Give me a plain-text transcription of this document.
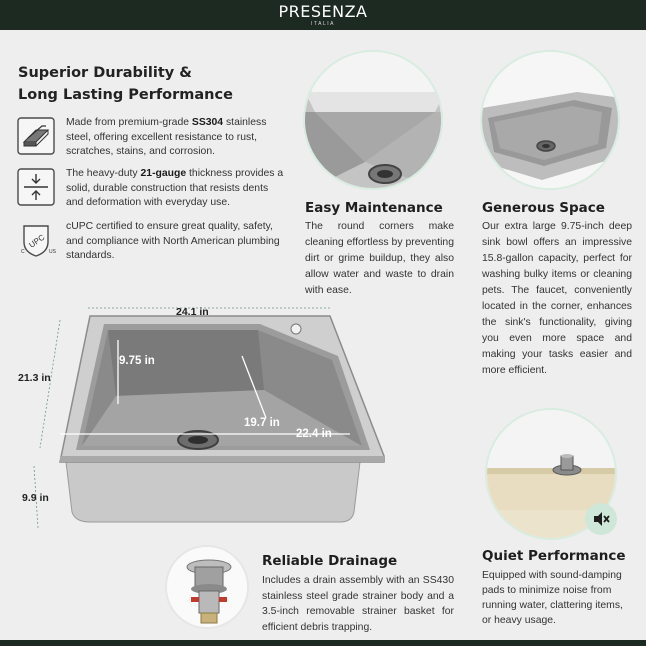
PRESENZA
ITALIA
Superior Durability &
Long Lasting Performance
Made from premium-grade SS304 stainless steel, offering excellent resistance to rust, scratches, stains, and corrosion.
The heavy-duty 21-gauge thickness provides a solid, durable construction that resists dents and deformation with everyday use.
UPC
C	US
cUPC certified to ensure great quality, safety, and compliance with North American plumbing standards.
Easy Maintenance
The round corners make cleaning effortless by preventing dirt or grime buildup, they also allow water and waste to drain with ease.
Generous Space
Our extra large 9.75-inch deep sink bowl offers an impressive 15.8-gallon capacity, perfect for washing bulky items or cleaning pets. The faucet, conveniently located in the corner, enhances the sink's functionality, giving you even more space and making your tasks easier and more efficient.
24.1 in
21.3 in
9.9 in
9.75 in
19.7 in
22.4 in
Reliable Drainage
Includes a drain assembly with an SS430 stainless steel grade strainer body and a 3.5-inch removable strainer basket for efficient debris trapping.
Quiet Performance
Equipped with sound-damping pads to minimize noise from running water, clattering items, or heavy usage.
